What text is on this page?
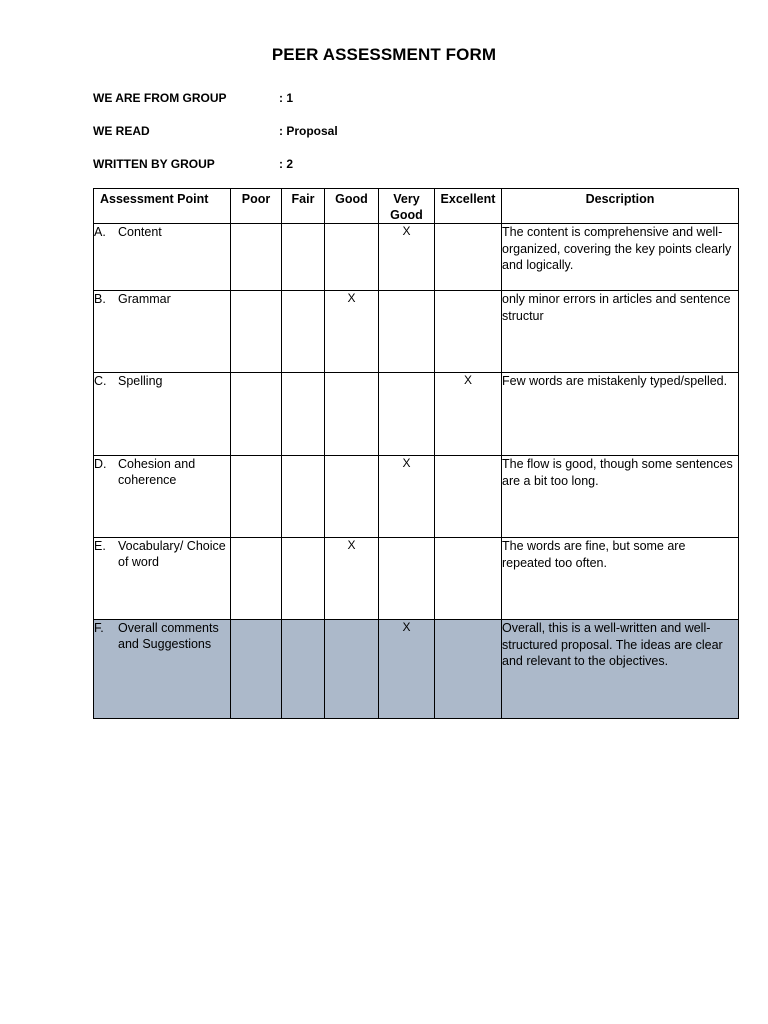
PEER ASSESSMENT FORM
WE ARE FROM GROUP	: 1
WE READ	: Proposal
WRITTEN BY GROUP	: 2
Assessment Point	Poor	Fair	Good	Very Good	Excellent	Description

A. Content				X		The content is comprehensive and well-organized, covering the key points clearly and logically.

B. Grammar			X			only minor errors in articles and sentence structur

C. Spelling					X	Few words are mistakenly typed/spelled.

D. Cohesion and coherence				X		The flow is good, though some sentences are a bit too long.

E. Vocabulary/ Choice of word			X			The words are fine, but some are repeated too often.

F. Overall comments and Suggestions				X		Overall, this is a well-written and well-structured proposal. The ideas are clear and relevant to the objectives.
